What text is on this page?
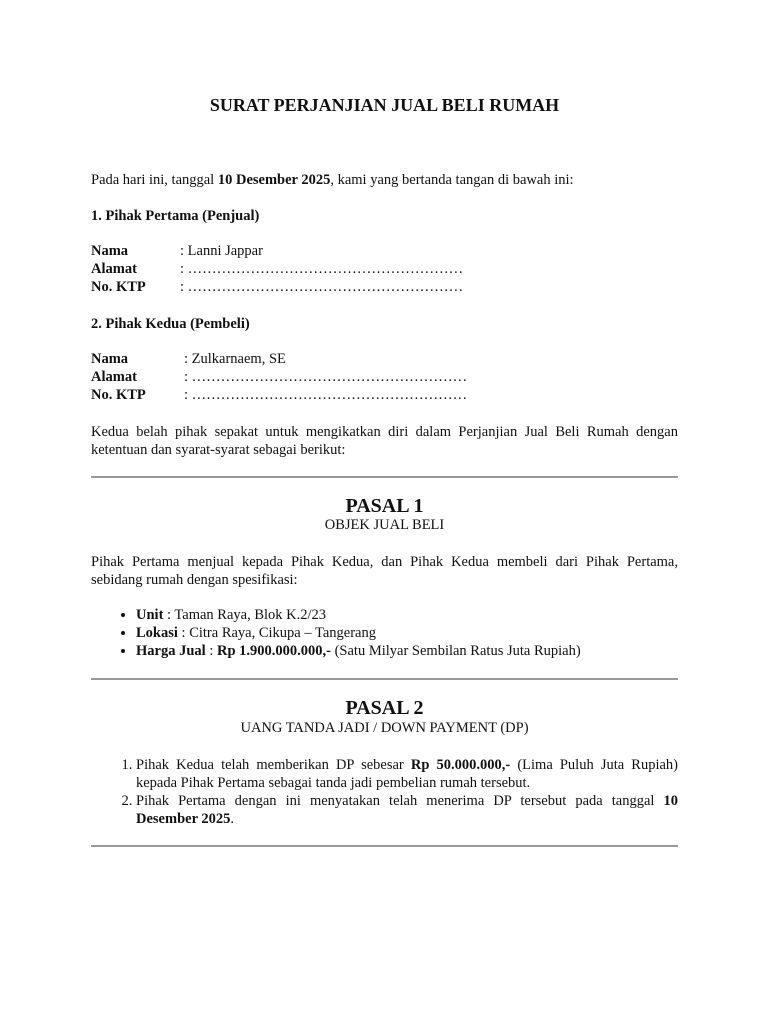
SURAT PERJANJIAN JUAL BELI RUMAH
Pada hari ini, tanggal 10 Desember 2025, kami yang bertanda tangan di bawah ini:
1. Pihak Pertama (Penjual)
Nama	: Lanni Jappar
Alamat	: …………………………………………………
No. KTP	: …………………………………………………
2. Pihak Kedua (Pembeli)
Nama	: Zulkarnaem, SE
Alamat	: …………………………………………………
No. KTP	: …………………………………………………
Kedua belah pihak sepakat untuk mengikatkan diri dalam Perjanjian Jual Beli Rumah dengan ketentuan dan syarat-syarat sebagai berikut:
PASAL 1
OBJEK JUAL BELI
Pihak Pertama menjual kepada Pihak Kedua, dan Pihak Kedua membeli dari Pihak Pertama, sebidang rumah dengan spesifikasi:
• Unit : Taman Raya, Blok K.2/23
• Lokasi : Citra Raya, Cikupa – Tangerang
• Harga Jual : Rp 1.900.000.000,- (Satu Milyar Sembilan Ratus Juta Rupiah)
PASAL 2
UANG TANDA JADI / DOWN PAYMENT (DP)
1. Pihak Kedua telah memberikan DP sebesar Rp 50.000.000,- (Lima Puluh Juta Rupiah) kepada Pihak Pertama sebagai tanda jadi pembelian rumah tersebut.
2. Pihak Pertama dengan ini menyatakan telah menerima DP tersebut pada tanggal 10 Desember 2025.
